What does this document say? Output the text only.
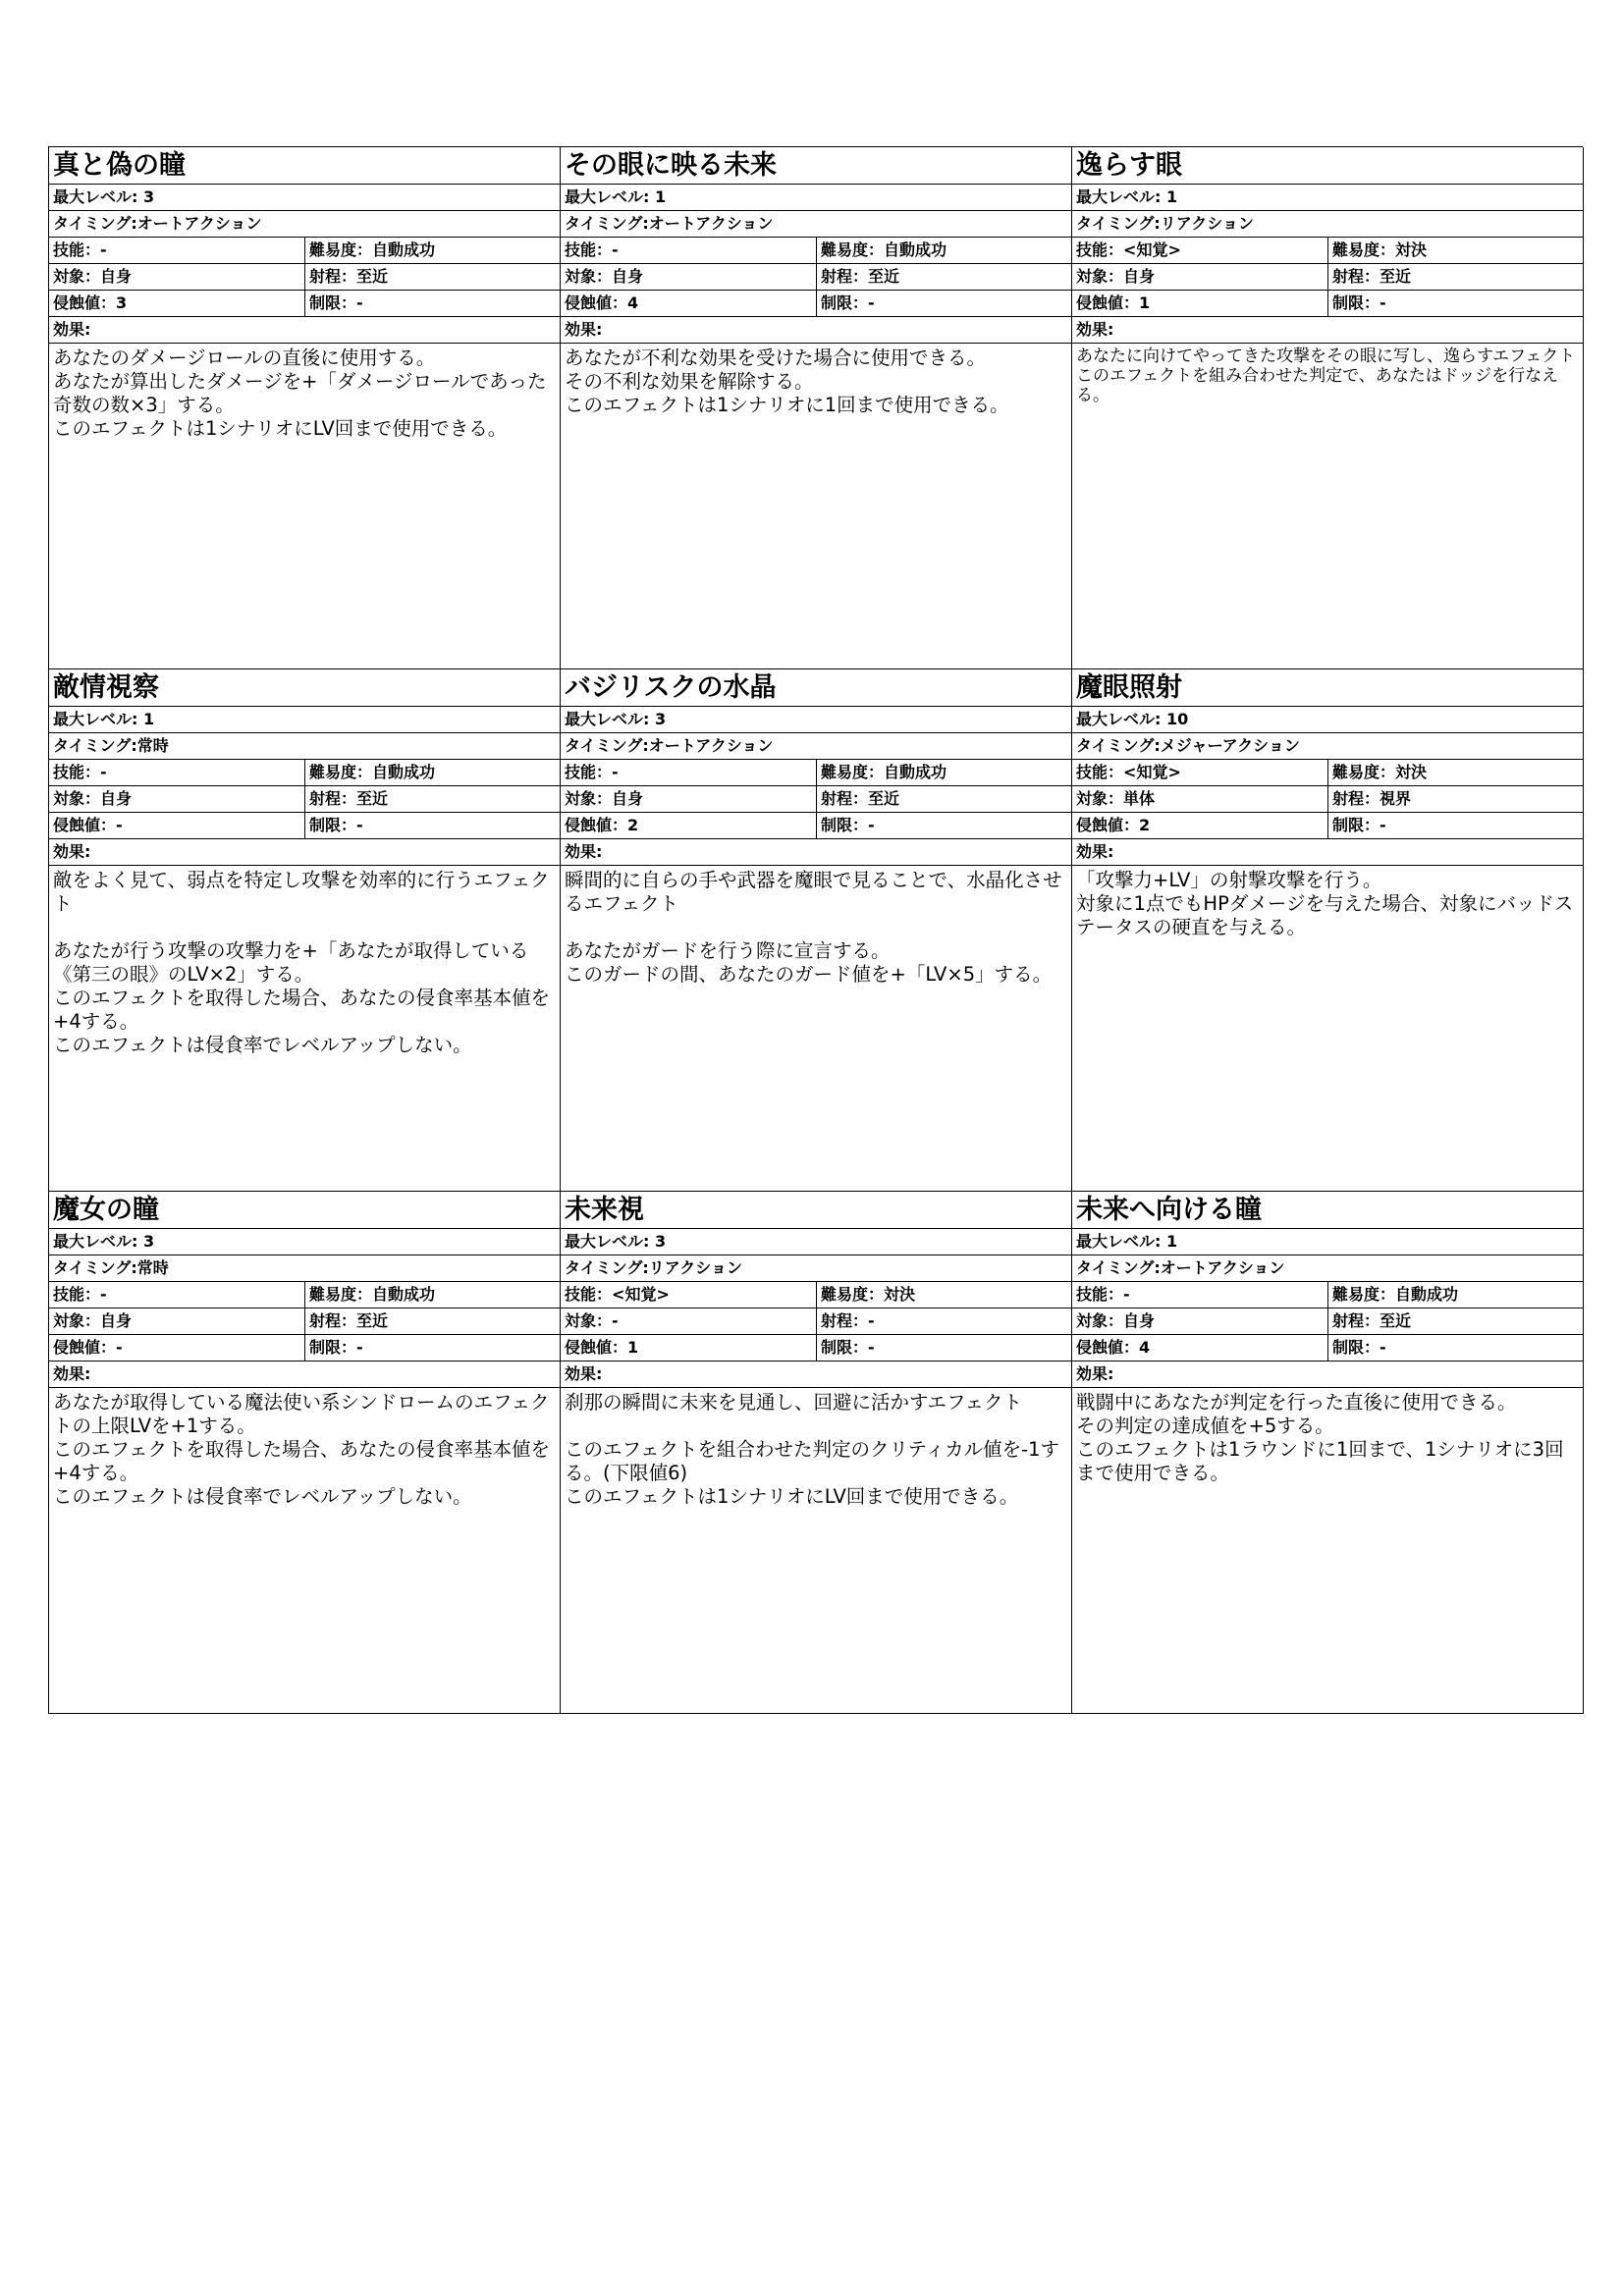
真と偽の瞳
最大レベル: 3
タイミング:オートアクション
技能：-	難易度：自動成功
対象：自身	射程：至近
侵蝕値：3	制限：-
効果:
あなたのダメージロールの直後に使用する。
あなたが算出したダメージを+「ダメージロールであった奇数の数×3」する。
このエフェクトは1シナリオにLV回まで使用できる。
その眼に映る未来
最大レベル: 1
タイミング:オートアクション
技能：-	難易度：自動成功
対象：自身	射程：至近
侵蝕値：4	制限：-
効果:
あなたが不利な効果を受けた場合に使用できる。
その不利な効果を解除する。
このエフェクトは1シナリオに1回まで使用できる。
逸らす眼
最大レベル: 1
タイミング:リアクション
技能：<知覚>	難易度：対決
対象：自身	射程：至近
侵蝕値：1	制限：-
効果:
あなたに向けてやってきた攻撃をその眼に写し、逸らすエフェクト
このエフェクトを組み合わせた判定で、あなたはドッジを行なえる。
敵情視察
最大レベル: 1
タイミング:常時
技能：-	難易度：自動成功
対象：自身	射程：至近
侵蝕値：-	制限：-
効果:
敵をよく見て、弱点を特定し攻撃を効率的に行うエフェクト

あなたが行う攻撃の攻撃力を+「あなたが取得している《第三の眼》のLV×2」する。
このエフェクトを取得した場合、あなたの侵食率基本値を+4する。
このエフェクトは侵食率でレベルアップしない。
バジリスクの水晶
最大レベル: 3
タイミング:オートアクション
技能：-	難易度：自動成功
対象：自身	射程：至近
侵蝕値：2	制限：-
効果:
瞬間的に自らの手や武器を魔眼で見ることで、水晶化させるエフェクト

あなたがガードを行う際に宣言する。
このガードの間、あなたのガード値を+「LV×5」する。
魔眼照射
最大レベル: 10
タイミング:メジャーアクション
技能：<知覚>	難易度：対決
対象：単体	射程：視界
侵蝕値：2	制限：-
効果:
「攻撃力+LV」の射撃攻撃を行う。
対象に1点でもHPダメージを与えた場合、対象にバッドステータスの硬直を与える。
魔女の瞳
最大レベル: 3
タイミング:常時
技能：-	難易度：自動成功
対象：自身	射程：至近
侵蝕値：-	制限：-
効果:
あなたが取得している魔法使い系シンドロームのエフェクトの上限LVを+1する。
このエフェクトを取得した場合、あなたの侵食率基本値を+4する。
このエフェクトは侵食率でレベルアップしない。
未来視
最大レベル: 3
タイミング:リアクション
技能：<知覚>	難易度：対決
対象：-	射程：-
侵蝕値：1	制限：-
効果:
刹那の瞬間に未来を見通し、回避に活かすエフェクト

このエフェクトを組合わせた判定のクリティカル値を-1する。(下限値6)
このエフェクトは1シナリオにLV回まで使用できる。
未来へ向ける瞳
最大レベル: 1
タイミング:オートアクション
技能：-	難易度：自動成功
対象：自身	射程：至近
侵蝕値：4	制限：-
効果:
戦闘中にあなたが判定を行った直後に使用できる。
その判定の達成値を+5する。
このエフェクトは1ラウンドに1回まで、1シナリオに3回まで使用できる。
